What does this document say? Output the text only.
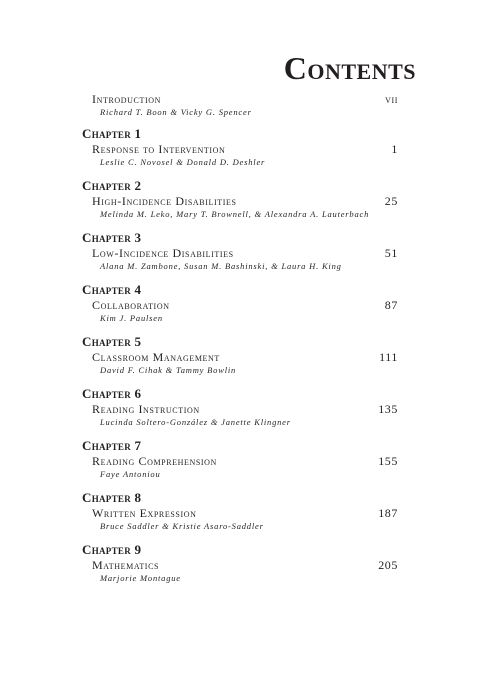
Contents
Introduction	vii
Richard T. Boon & Vicky G. Spencer
Chapter 1
Response to Intervention	1
Leslie C. Novosel & Donald D. Deshler
Chapter 2
High-Incidence Disabilities	25
Melinda M. Leko, Mary T. Brownell, & Alexandra A. Lauterbach
Chapter 3
Low-Incidence Disabilities	51
Alana M. Zambone, Susan M. Bashinski, & Laura H. King
Chapter 4
Collaboration	87
Kim J. Paulsen
Chapter 5
Classroom Management	111
David F. Cihak & Tammy Bowlin
Chapter 6
Reading Instruction	135
Lucinda Soltero-González & Janette Klingner
Chapter 7
Reading Comprehension	155
Faye Antoniou
Chapter 8
Written Expression	187
Bruce Saddler & Kristie Asaro-Saddler
Chapter 9
Mathematics	205
Marjorie Montague
